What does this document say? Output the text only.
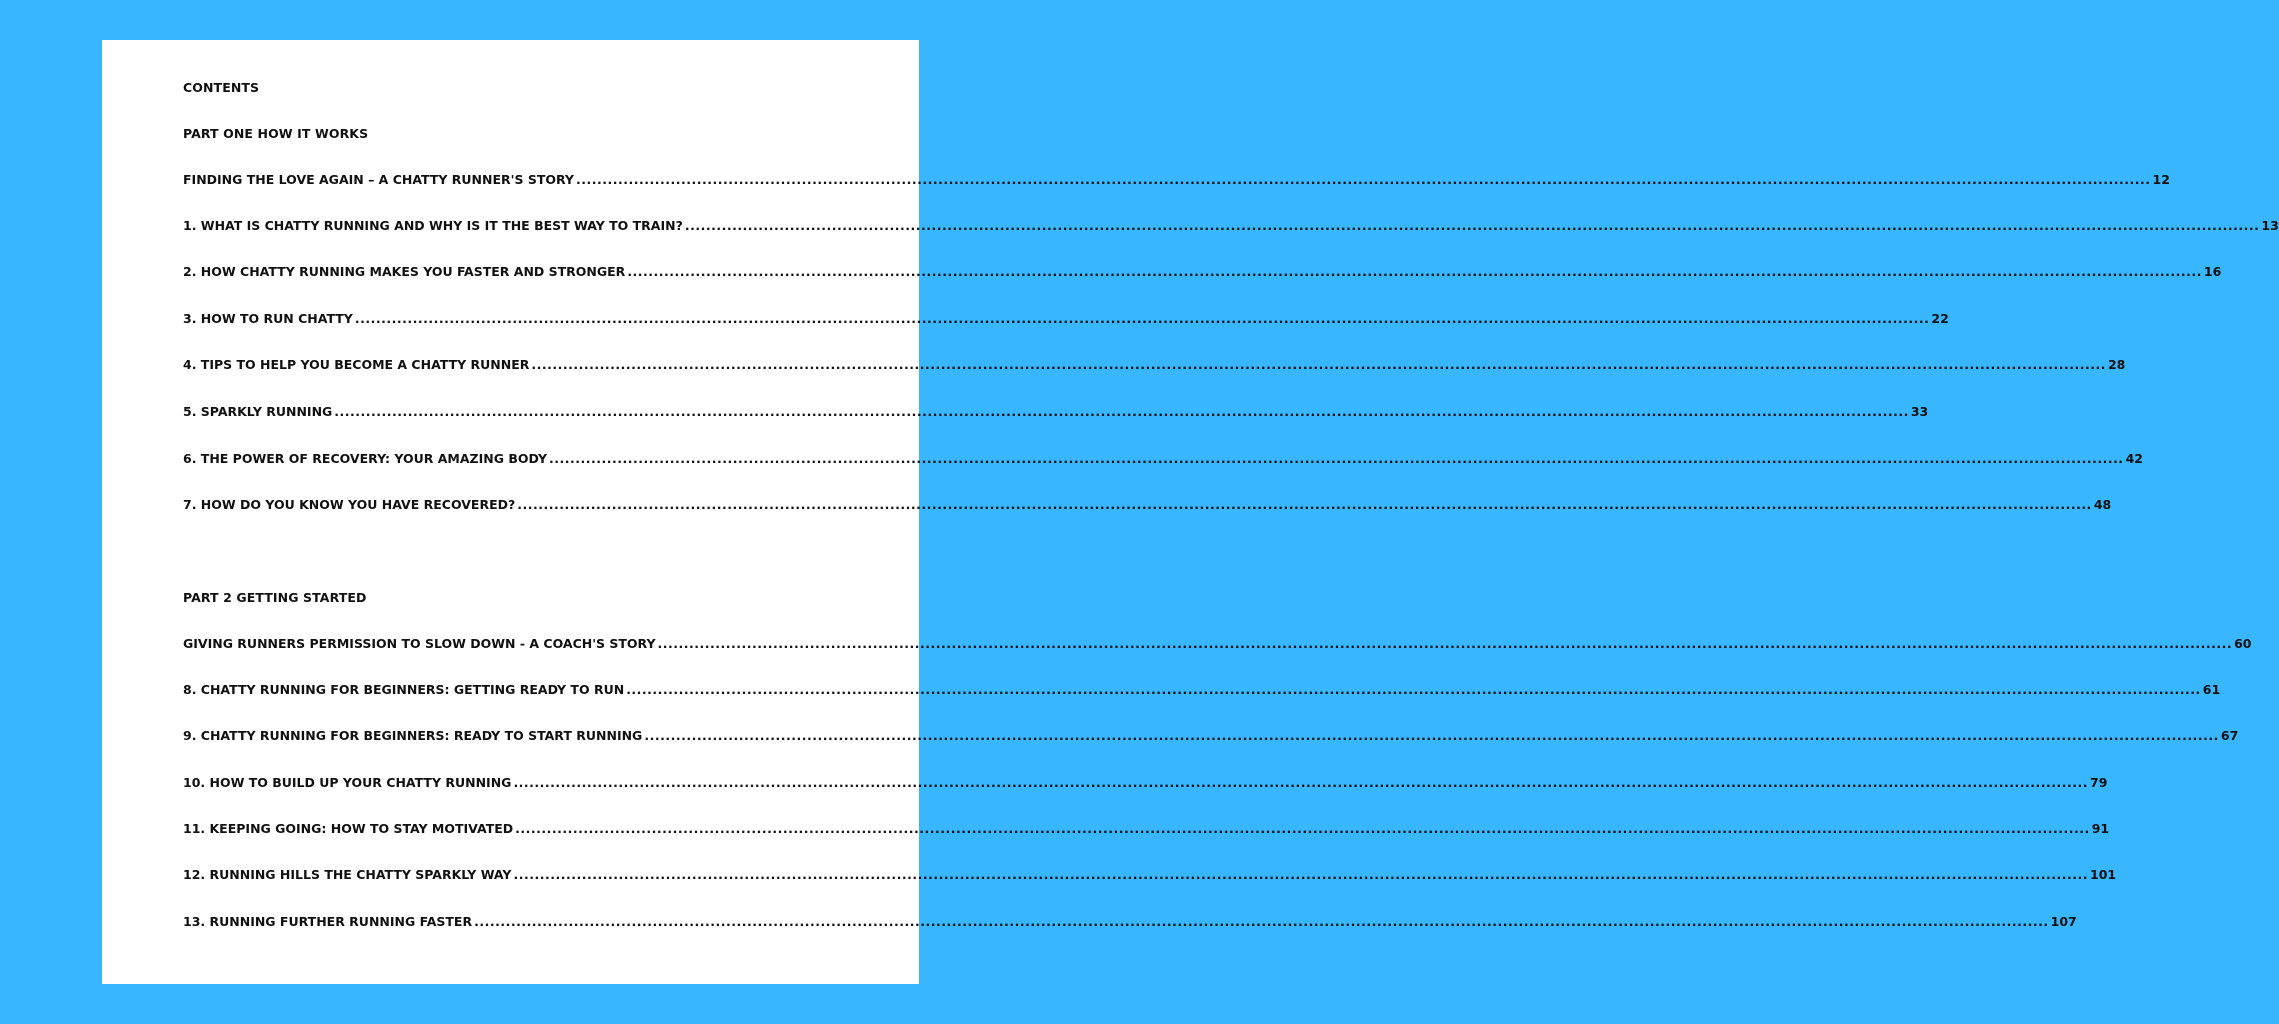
CONTENTS
PART ONE HOW IT WORKS
FINDING THE LOVE AGAIN – A CHATTY RUNNER'S STORY ............................................................................................................................................................................................................................................................................................................ 12
1. WHAT IS CHATTY RUNNING AND WHY IS IT THE BEST WAY TO TRAIN? ............................................................................................................................................................................................................................................................................................................ 13
2. HOW CHATTY RUNNING MAKES YOU FASTER AND STRONGER ............................................................................................................................................................................................................................................................................................................ 16
3. HOW TO RUN CHATTY ............................................................................................................................................................................................................................................................................................................ 22
4. TIPS TO HELP YOU BECOME A CHATTY RUNNER ............................................................................................................................................................................................................................................................................................................ 28
5. SPARKLY RUNNING ............................................................................................................................................................................................................................................................................................................ 33
6. THE POWER OF RECOVERY: YOUR AMAZING BODY ............................................................................................................................................................................................................................................................................................................ 42
7. HOW DO YOU KNOW YOU HAVE RECOVERED? ............................................................................................................................................................................................................................................................................................................ 48
PART 2 GETTING STARTED
GIVING RUNNERS PERMISSION TO SLOW DOWN - A COACH'S STORY ............................................................................................................................................................................................................................................................................................................ 60
8. CHATTY RUNNING FOR BEGINNERS: GETTING READY TO RUN ............................................................................................................................................................................................................................................................................................................ 61
9. CHATTY RUNNING FOR BEGINNERS: READY TO START RUNNING ............................................................................................................................................................................................................................................................................................................ 67
10. HOW TO BUILD UP YOUR CHATTY RUNNING ............................................................................................................................................................................................................................................................................................................ 79
11. KEEPING GOING: HOW TO STAY MOTIVATED ............................................................................................................................................................................................................................................................................................................ 91
12. RUNNING HILLS THE CHATTY SPARKLY WAY ............................................................................................................................................................................................................................................................................................................ 101
13. RUNNING FURTHER RUNNING FASTER ............................................................................................................................................................................................................................................................................................................ 107
